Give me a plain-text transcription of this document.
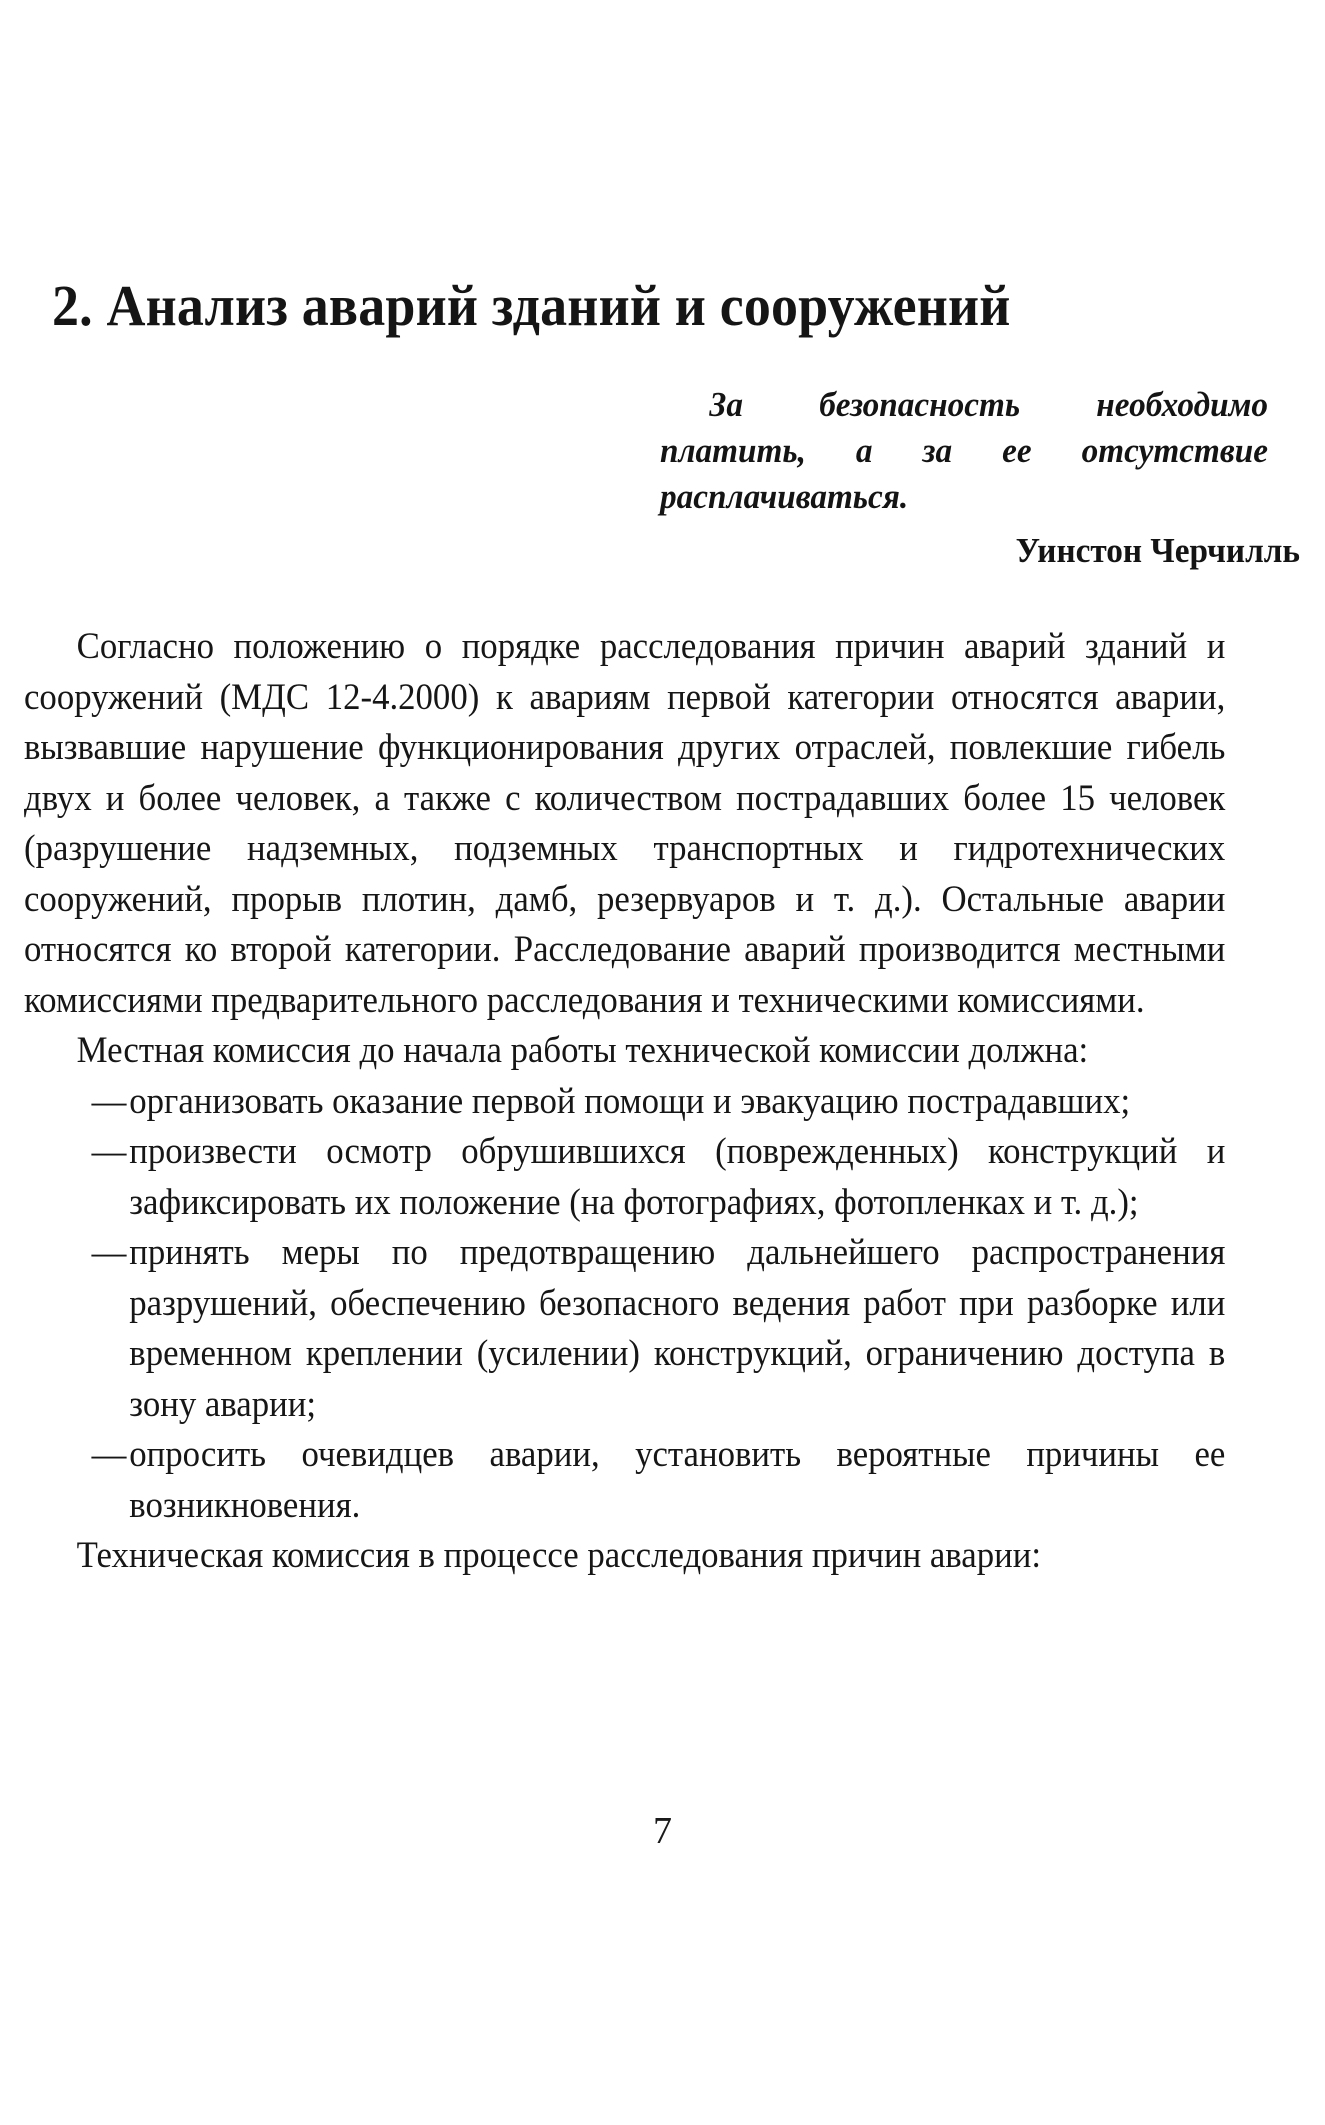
2. Анализ аварий зданий и сооружений
За безопасность необходимо платить, а за ее отсутствие расплачиваться.
Уинстон Черчилль

Согласно положению о порядке расследования причин аварий зданий и сооружений (МДС 12-4.2000) к авариям первой категории относятся аварии, вызвавшие нарушение функционирования других отраслей, повлекшие гибель двух и более человек, а также с количеством пострадавших более 15 человек (разрушение надземных, подземных транспортных и гидротехнических сооружений, прорыв плотин, дамб, резервуаров и т. д.). Остальные аварии относятся ко второй категории. Расследование аварий производится местными комиссиями предварительного расследования и техническими комиссиями.

Местная комиссия до начала работы технической комиссии должна:

— организовать оказание первой помощи и эвакуацию пострадавших;
— произвести осмотр обрушившихся (поврежденных) конструкций и зафиксировать их положение (на фотографиях, фотопленках и т. д.);
— принять меры по предотвращению дальнейшего распространения разрушений, обеспечению безопасного ведения работ при разборке или временном креплении (усилении) конструкций, ограничению доступа в зону аварии;
— опросить очевидцев аварии, установить вероятные причины ее возникновения.

Техническая комиссия в процессе расследования причин аварии:

7
